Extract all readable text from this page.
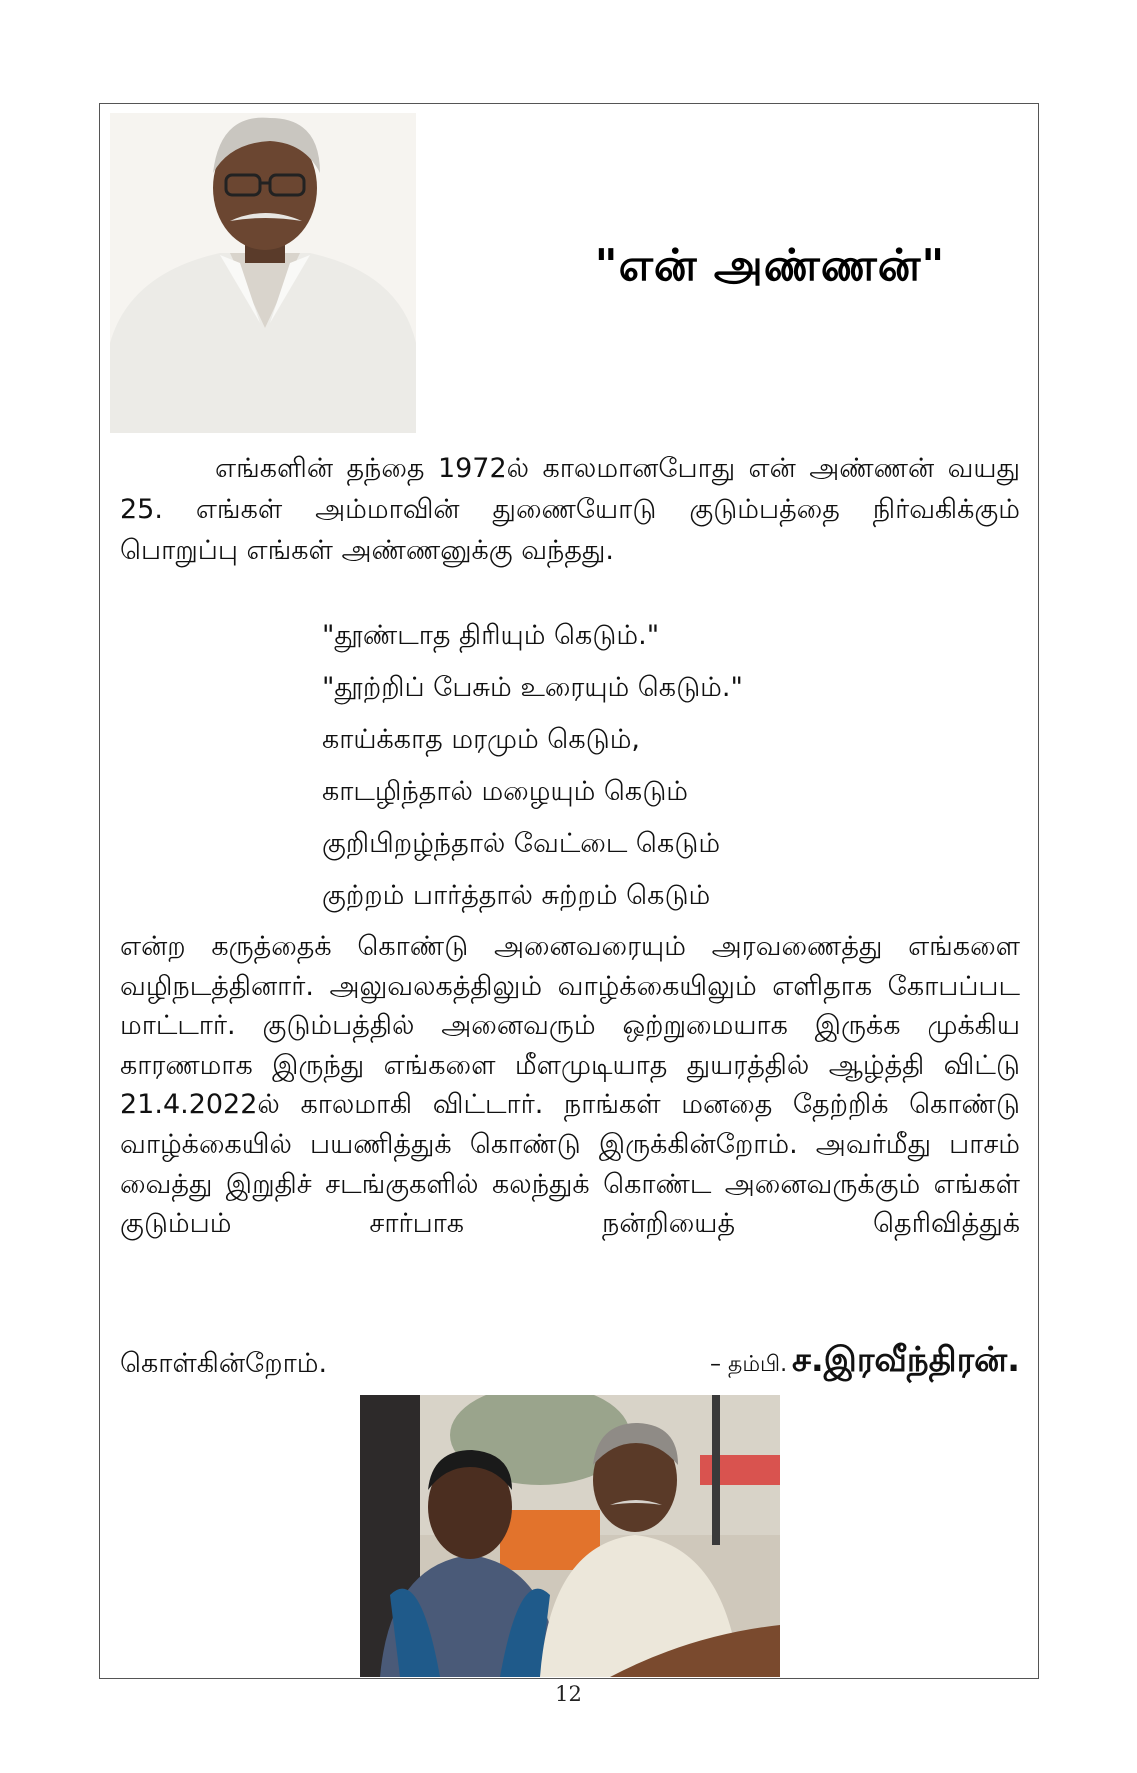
"என் அண்ணன்"
எங்களின் தந்தை 1972ல் காலமானபோது என் அண்ணன் வயது 25. எங்கள் அம்மாவின் துணையோடு குடும்பத்தை நிர்வகிக்கும் பொறுப்பு எங்கள் அண்ணனுக்கு வந்தது.
"தூண்டாத திரியும் கெடும்."
"தூற்றிப் பேசும் உரையும் கெடும்."
காய்க்காத மரமும் கெடும்,
காடழிந்தால் மழையும் கெடும்
குறிபிறழ்ந்தால் வேட்டை கெடும்
குற்றம் பார்த்தால் சுற்றம் கெடும்
என்ற கருத்தைக் கொண்டு அனைவரையும் அரவணைத்து எங்களை வழிநடத்தினார். அலுவலகத்திலும் வாழ்க்கையிலும் எளிதாக கோபப்பட மாட்டார். குடும்பத்தில் அனைவரும் ஒற்றுமையாக இருக்க முக்கிய காரணமாக இருந்து எங்களை மீளமுடியாத துயரத்தில் ஆழ்த்தி விட்டு 21.4.2022ல் காலமாகி விட்டார். நாங்கள் மனதை தேற்றிக் கொண்டு வாழ்க்கையில் பயணித்துக் கொண்டு இருக்கின்றோம். அவர்மீது பாசம் வைத்து இறுதிச் சடங்குகளில் கலந்துக் கொண்ட அனைவருக்கும் எங்கள் குடும்பம் சார்பாக நன்றியைத் தெரிவித்துக்
கொள்கின்றோம்.	– தம்பி. ச.இரவீந்திரன்.
12
